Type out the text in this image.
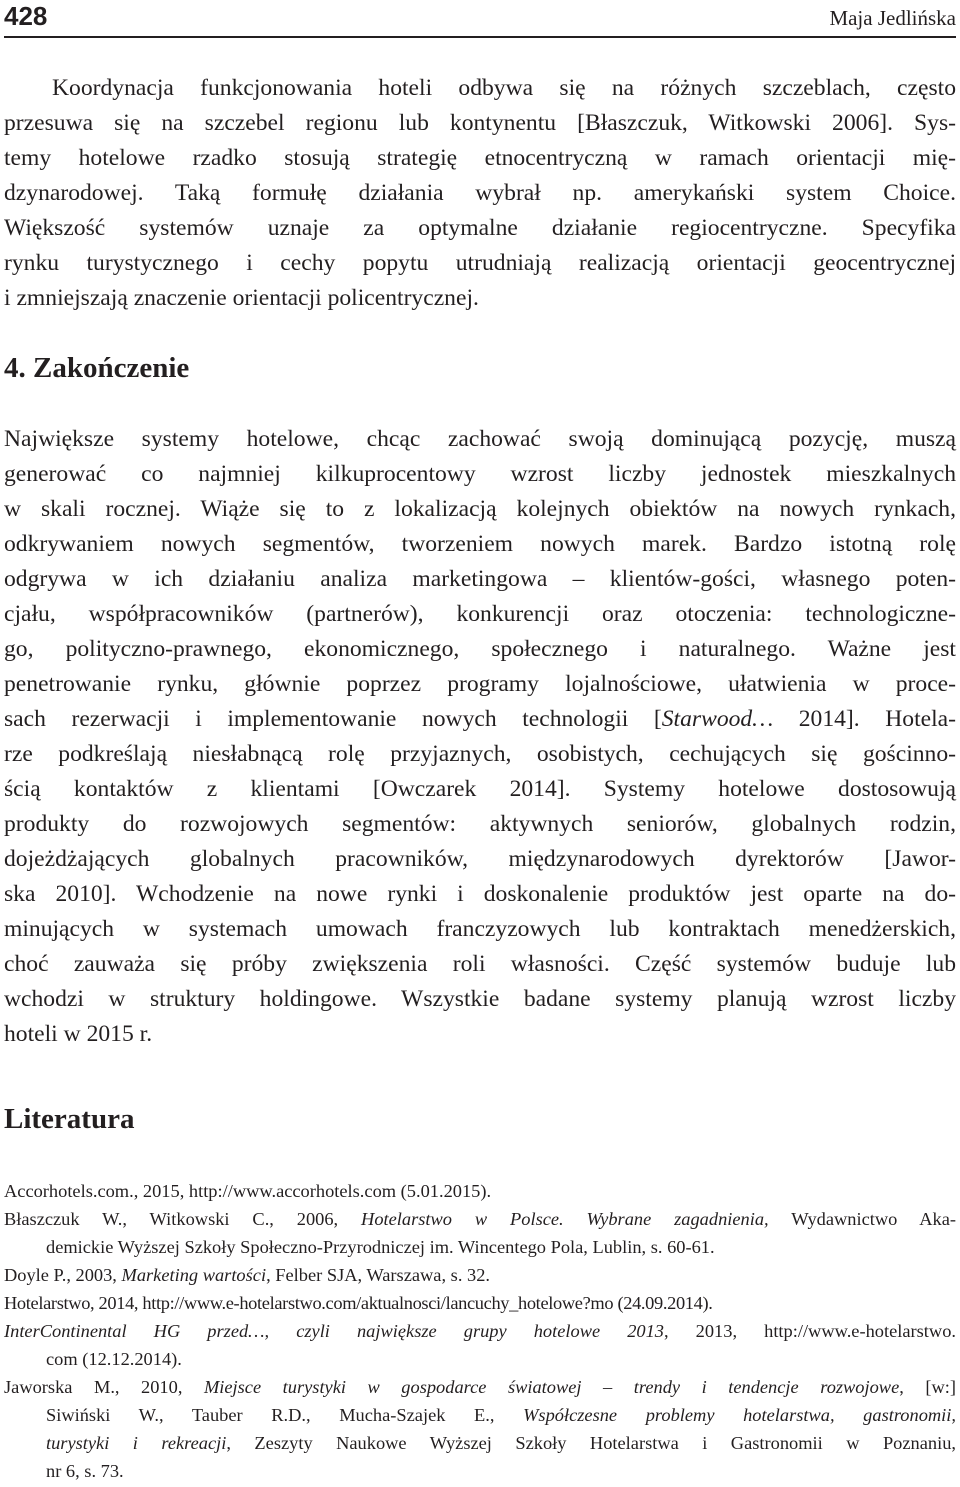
428	Maja Jedlińska

Koordynacja funkcjonowania hoteli odbywa się na różnych szczeblach, często

przesuwa się na szczebel regionu lub kontynentu [Błaszczuk, Witkowski 2006]. Sys-

temy hotelowe rzadko stosują strategię etnocentryczną w ramach orientacji mię-

dzynarodowej. Taką formułę działania wybrał np. amerykański system Choice.

Większość systemów uznaje za optymalne działanie regiocentryczne. Specyfika

rynku turystycznego i cechy popytu utrudniają realizacją orientacji geocentrycznej

i zmniejszają znaczenie orientacji policentrycznej.

4. Zakończenie

Największe systemy hotelowe, chcąc zachować swoją dominującą pozycję, muszą

generować co najmniej kilkuprocentowy wzrost liczby jednostek mieszkalnych

w skali rocznej. Wiąże się to z lokalizacją kolejnych obiektów na nowych rynkach,

odkrywaniem nowych segmentów, tworzeniem nowych marek. Bardzo istotną rolę

odgrywa w ich działaniu analiza marketingowa – klientów-gości, własnego poten-

cjału, współpracowników (partnerów), konkurencji oraz otoczenia: technologiczne-

go, polityczno-prawnego, ekonomicznego, społecznego i naturalnego. Ważne jest

penetrowanie rynku, głównie poprzez programy lojalnościowe, ułatwienia w proce-

sach rezerwacji i implementowanie nowych technologii [Starwood… 2014]. Hotela-

rze podkreślają niesłabnącą rolę przyjaznych, osobistych, cechujących się gościnno-

ścią kontaktów z klientami [Owczarek 2014]. Systemy hotelowe dostosowują

produkty do rozwojowych segmentów: aktywnych seniorów, globalnych rodzin,

dojeżdżających globalnych pracowników, międzynarodowych dyrektorów [Jawor-

ska 2010]. Wchodzenie na nowe rynki i doskonalenie produktów jest oparte na do-

minujących w systemach umowach franczyzowych lub kontraktach menedżerskich,

choć zauważa się próby zwiększenia roli własności. Część systemów buduje lub

wchodzi w struktury holdingowe. Wszystkie badane systemy planują wzrost liczby

hoteli w 2015 r.

Literatura
Accorhotels.com., 2015, http://www.accorhotels.com (5.01.2015).
Błaszczuk W., Witkowski C., 2006, Hotelarstwo w Polsce. Wybrane zagadnienia, Wydawnictwo Aka-
demickie Wyższej Szkoły Społeczno-Przyrodniczej im. Wincentego Pola, Lublin, s. 60-61.
Doyle P., 2003, Marketing wartości, Felber SJA, Warszawa, s. 32.
Hotelarstwo, 2014, http://www.e-hotelarstwo.com/aktualnosci/lancuchy_hotelowe?mo (24.09.2014).
InterContinental HG przed…, czyli największe grupy hotelowe 2013, 2013, http://www.e-hotelarstwo.
com (12.12.2014).
Jaworska M., 2010, Miejsce turystyki w gospodarce światowej – trendy i tendencje rozwojowe, [w:]
Siwiński W., Tauber R.D., Mucha-Szajek E., Współczesne problemy hotelarstwa, gastronomii,
turystyki i rekreacji, Zeszyty Naukowe Wyższej Szkoły Hotelarstwa i Gastronomii w Poznaniu,
nr 6, s. 73.
